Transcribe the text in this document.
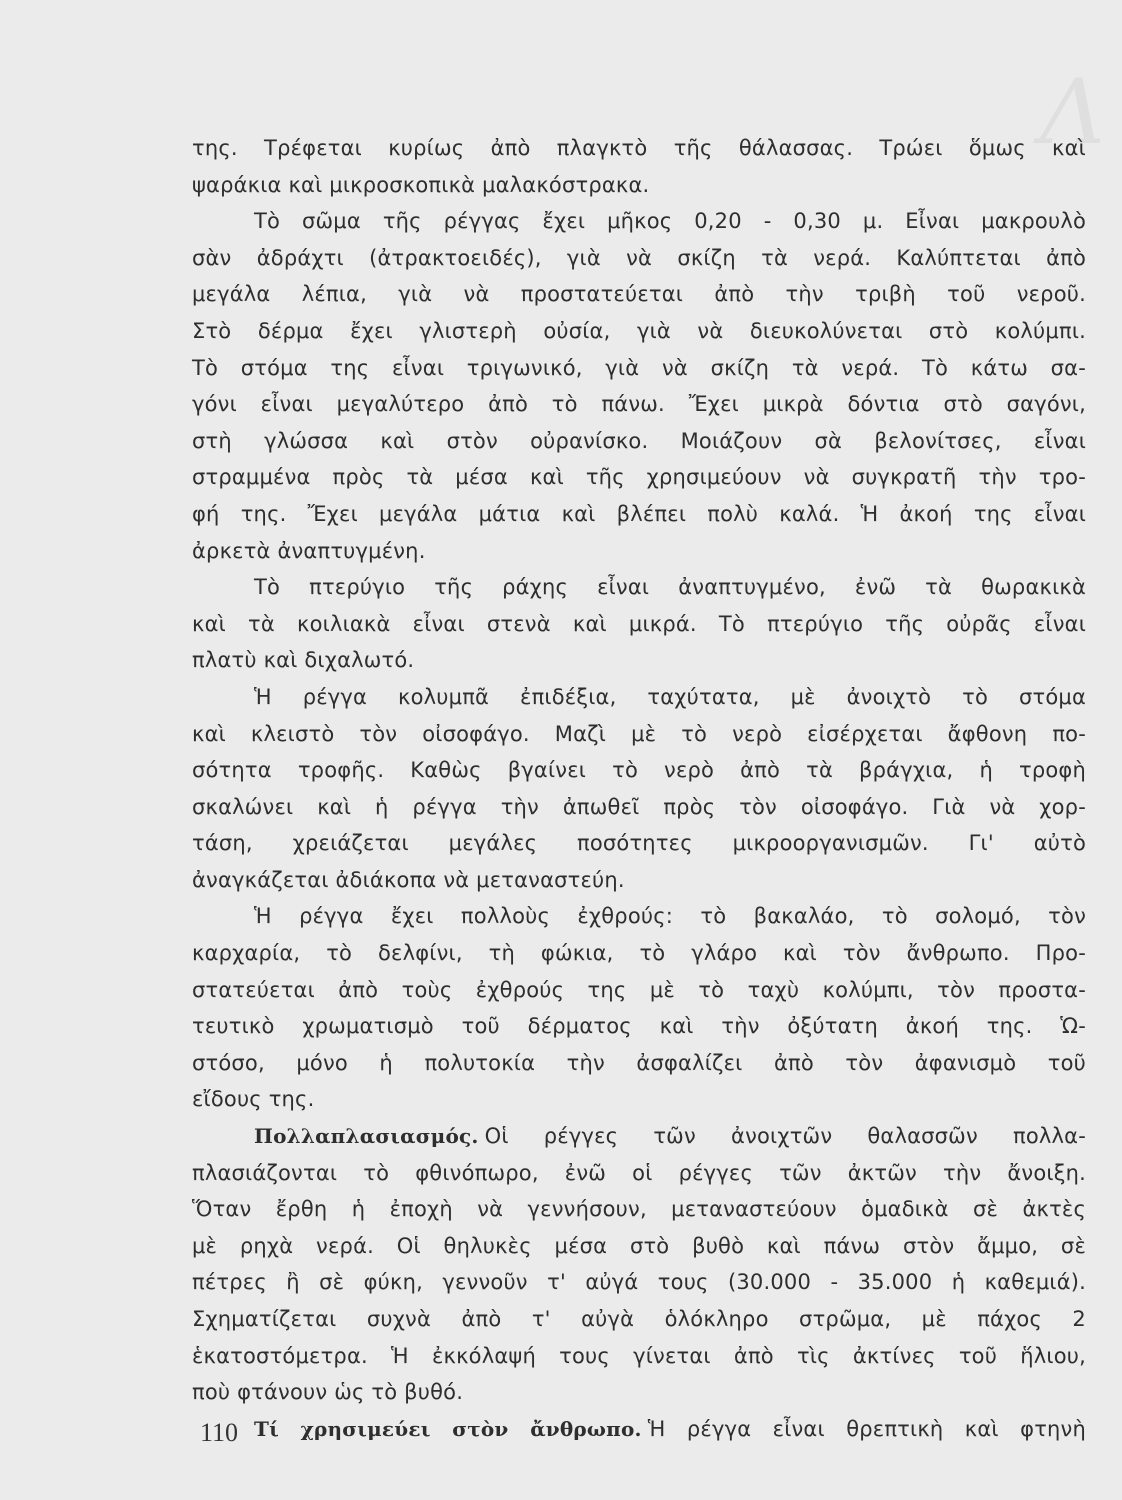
Λ
της. Τρέφεται κυρίως ἀπὸ πλαγκτὸ τῆς θάλασσας. Τρώει ὅμως καὶ
ψαράκια καὶ μικροσκοπικὰ μαλακόστρακα.
Τὸ σῶμα τῆς ρέγγας ἔχει μῆκος 0,20 - 0,30 μ. Εἶναι μακρουλὸ
σὰν ἀδράχτι (ἀτρακτοειδές), γιὰ νὰ σκίζη τὰ νερά. Καλύπτεται ἀπὸ
μεγάλα λέπια, γιὰ νὰ προστατεύεται ἀπὸ τὴν τριβὴ τοῦ νεροῦ.
Στὸ δέρμα ἔχει γλιστερὴ οὐσία, γιὰ νὰ διευκολύνεται στὸ κολύμπι.
Τὸ στόμα της εἶναι τριγωνικό, γιὰ νὰ σκίζη τὰ νερά. Τὸ κάτω σα-
γόνι εἶναι μεγαλύτερο ἀπὸ τὸ πάνω. Ἔχει μικρὰ δόντια στὸ σαγόνι,
στὴ γλώσσα καὶ στὸν οὐρανίσκο. Μοιάζουν σὰ βελονίτσες, εἶναι
στραμμένα πρὸς τὰ μέσα καὶ τῆς χρησιμεύουν νὰ συγκρατῆ τὴν τρο-
φή της. Ἔχει μεγάλα μάτια καὶ βλέπει πολὺ καλά. Ἡ ἀκοή της εἶναι
ἀρκετὰ ἀναπτυγμένη.
Τὸ πτερύγιο τῆς ράχης εἶναι ἀναπτυγμένο, ἐνῶ τὰ θωρακικὰ
καὶ τὰ κοιλιακὰ εἶναι στενὰ καὶ μικρά. Τὸ πτερύγιο τῆς οὐρᾶς εἶναι
πλατὺ καὶ διχαλωτό.
Ἡ ρέγγα κολυμπᾶ ἐπιδέξια, ταχύτατα, μὲ ἀνοιχτὸ τὸ στόμα
καὶ κλειστὸ τὸν οἰσοφάγο. Μαζὶ μὲ τὸ νερὸ εἰσέρχεται ἄφθονη πο-
σότητα τροφῆς. Καθὼς βγαίνει τὸ νερὸ ἀπὸ τὰ βράγχια, ἡ τροφὴ
σκαλώνει καὶ ἡ ρέγγα τὴν ἀπωθεῖ πρὸς τὸν οἰσοφάγο. Γιὰ νὰ χορ-
τάση, χρειάζεται μεγάλες ποσότητες μικροοργανισμῶν. Γι' αὐτὸ
ἀναγκάζεται ἀδιάκοπα νὰ μεταναστεύη.
Ἡ ρέγγα ἔχει πολλοὺς ἐχθρούς: τὸ βακαλάο, τὸ σολομό, τὸν
καρχαρία, τὸ δελφίνι, τὴ φώκια, τὸ γλάρο καὶ τὸν ἄνθρωπο. Προ-
στατεύεται ἀπὸ τοὺς ἐχθρούς της μὲ τὸ ταχὺ κολύμπι, τὸν προστα-
τευτικὸ χρωματισμὸ τοῦ δέρματος καὶ τὴν ὀξύτατη ἀκοή της. Ὡ-
στόσο, μόνο ἡ πολυτοκία τὴν ἀσφαλίζει ἀπὸ τὸν ἀφανισμὸ τοῦ
εἴδους της.
Πολλαπλασιασμός. Οἱ ρέγγες τῶν ἀνοιχτῶν θαλασσῶν πολλα-
πλασιάζονται τὸ φθινόπωρο, ἐνῶ οἱ ρέγγες τῶν ἀκτῶν τὴν ἄνοιξη.
Ὅταν ἔρθη ἡ ἐποχὴ νὰ γεννήσουν, μεταναστεύουν ὁμαδικὰ σὲ ἀκτὲς
μὲ ρηχὰ νερά. Οἱ θηλυκὲς μέσα στὸ βυθὸ καὶ πάνω στὸν ἄμμο, σὲ
πέτρες ἢ σὲ φύκη, γεννοῦν τ' αὐγά τους (30.000 - 35.000 ἡ καθεμιά).
Σχηματίζεται συχνὰ ἀπὸ τ' αὐγὰ ὁλόκληρο στρῶμα, μὲ πάχος 2
ἑκατοστόμετρα. Ἡ ἐκκόλαψή τους γίνεται ἀπὸ τὶς ἀκτίνες τοῦ ἥλιου,
ποὺ φτάνουν ὡς τὸ βυθό.
Τί χρησιμεύει στὸν ἄνθρωπο. Ἡ ρέγγα εἶναι θρεπτικὴ καὶ φτηνὴ
110
